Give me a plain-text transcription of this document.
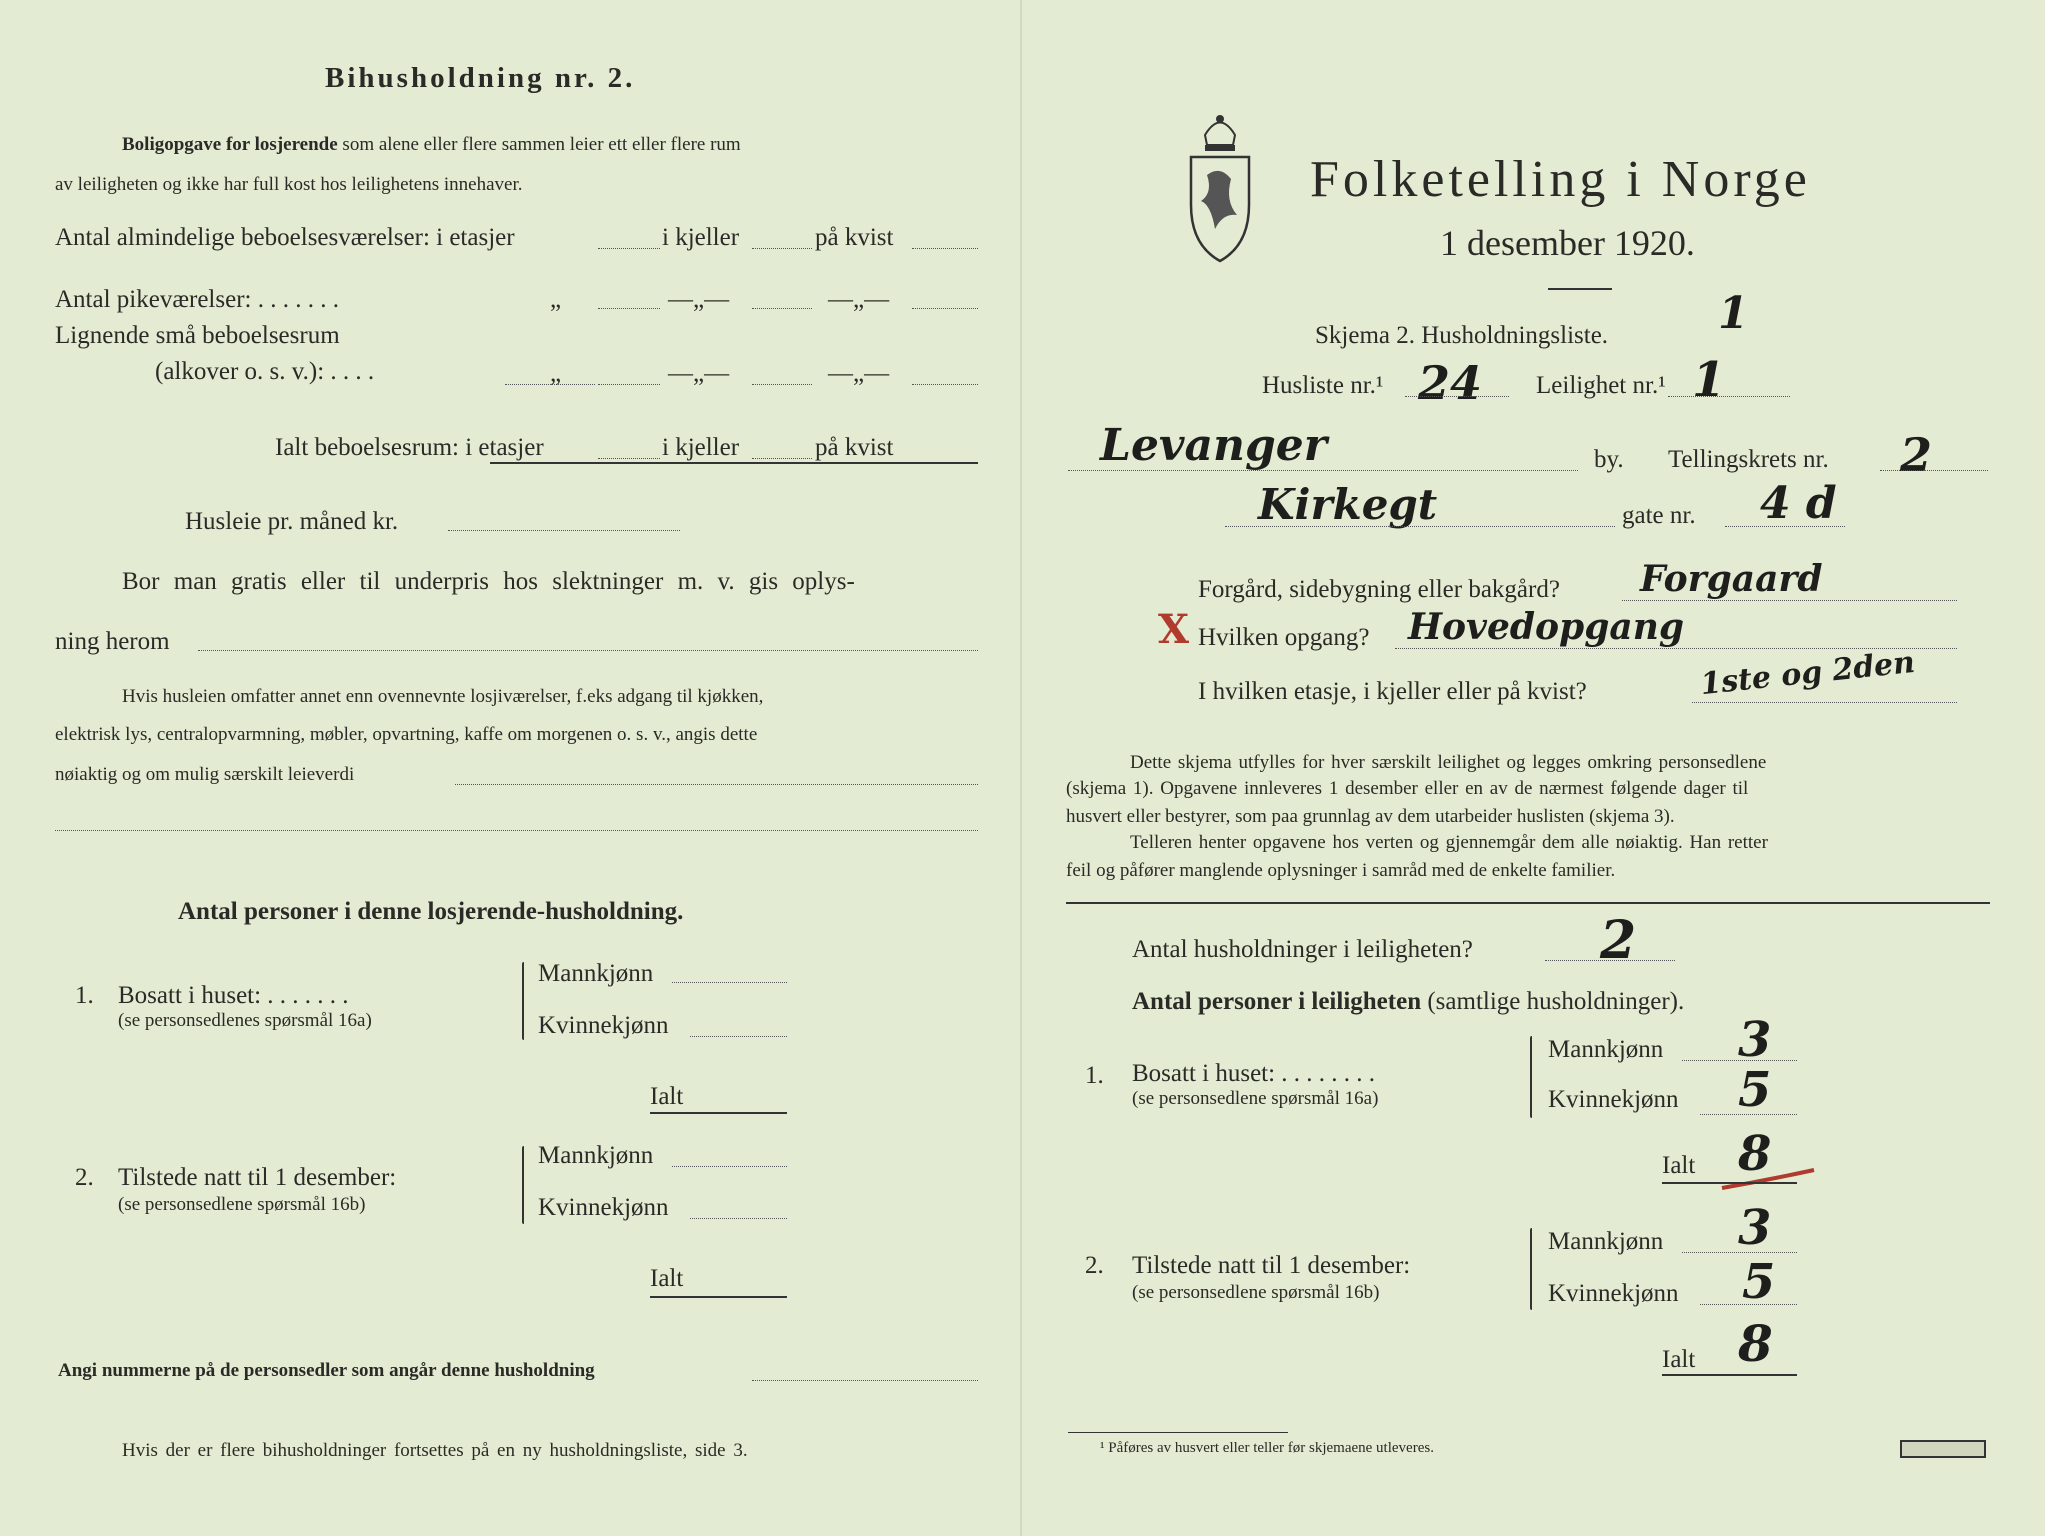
Bihusholdning nr. 2.
Boligopgave for losjerende som alene eller flere sammen leier ett eller flere rum
av leiligheten og ikke har full kost hos leilighetens innehaver.
Antal almindelige beboelsesværelser: i etasjer	i kjeller	på kvist
Antal pikeværelser: . . . . . . .	„	—„—	—„—
Lignende små beboelsesrum
(alkover o. s. v.): . . . .	„	—„—	—„—
Ialt beboelsesrum: i etasjer	i kjeller	på kvist
Husleie pr. måned kr.
Bor man gratis eller til underpris hos slektninger m. v. gis oplys-
ning herom
Hvis husleien omfatter annet enn ovennevnte losjiværelser, f.eks adgang til kjøkken,
elektrisk lys, centralopvarmning, møbler, opvartning, kaffe om morgenen o. s. v., angis dette
nøiaktig og om mulig særskilt leieverdi
Antal personer i denne losjerende-husholdning.
1. Bosatt i huset: . . . . . . .
(se personsedlenes spørsmål 16a)
Mannkjønn
Kvinnekjønn
Ialt
2. Tilstede natt til 1 desember:
(se personsedlene spørsmål 16b)
Mannkjønn
Kvinnekjønn
Ialt
Angi nummerne på de personsedler som angår denne husholdning
Hvis der er flere bihusholdninger fortsettes på en ny husholdningsliste, side 3.
Folketelling i Norge
1 desember 1920.
Skjema 2. Husholdningsliste. 1
Husliste nr.¹ 24 Leilighet nr.¹ 1
Levanger	by. Tellingskrets nr. 2
Kirkegt	gate nr. 4 d
Forgård, sidebygning eller bakgård? Forgaard
X Hvilken opgang? Hovedopgang
I hvilken etasje, i kjeller eller på kvist?	1ste og 2den
Dette skjema utfylles for hver særskilt leilighet og legges omkring personsedlene
(skjema 1). Opgavene innleveres 1 desember eller en av de nærmest følgende dager til
husvert eller bestyrer, som paa grunnlag av dem utarbeider huslisten (skjema 3).
Telleren henter opgavene hos verten og gjennemgår dem alle nøiaktig. Han retter
feil og påfører manglende oplysninger i samråd med de enkelte familier.
Antal husholdninger i leiligheten? 2
Antal personer i leiligheten (samtlige husholdninger).
1. Bosatt i huset: . . . . . . . .
(se personsedlene spørsmål 16a)
Mannkjønn 3
Kvinnekjønn 5
Ialt 8
2. Tilstede natt til 1 desember:
(se personsedlene spørsmål 16b)
Mannkjønn 3
Kvinnekjønn 5
Ialt 8
¹ Påføres av husvert eller teller før skjemaene utleveres.
